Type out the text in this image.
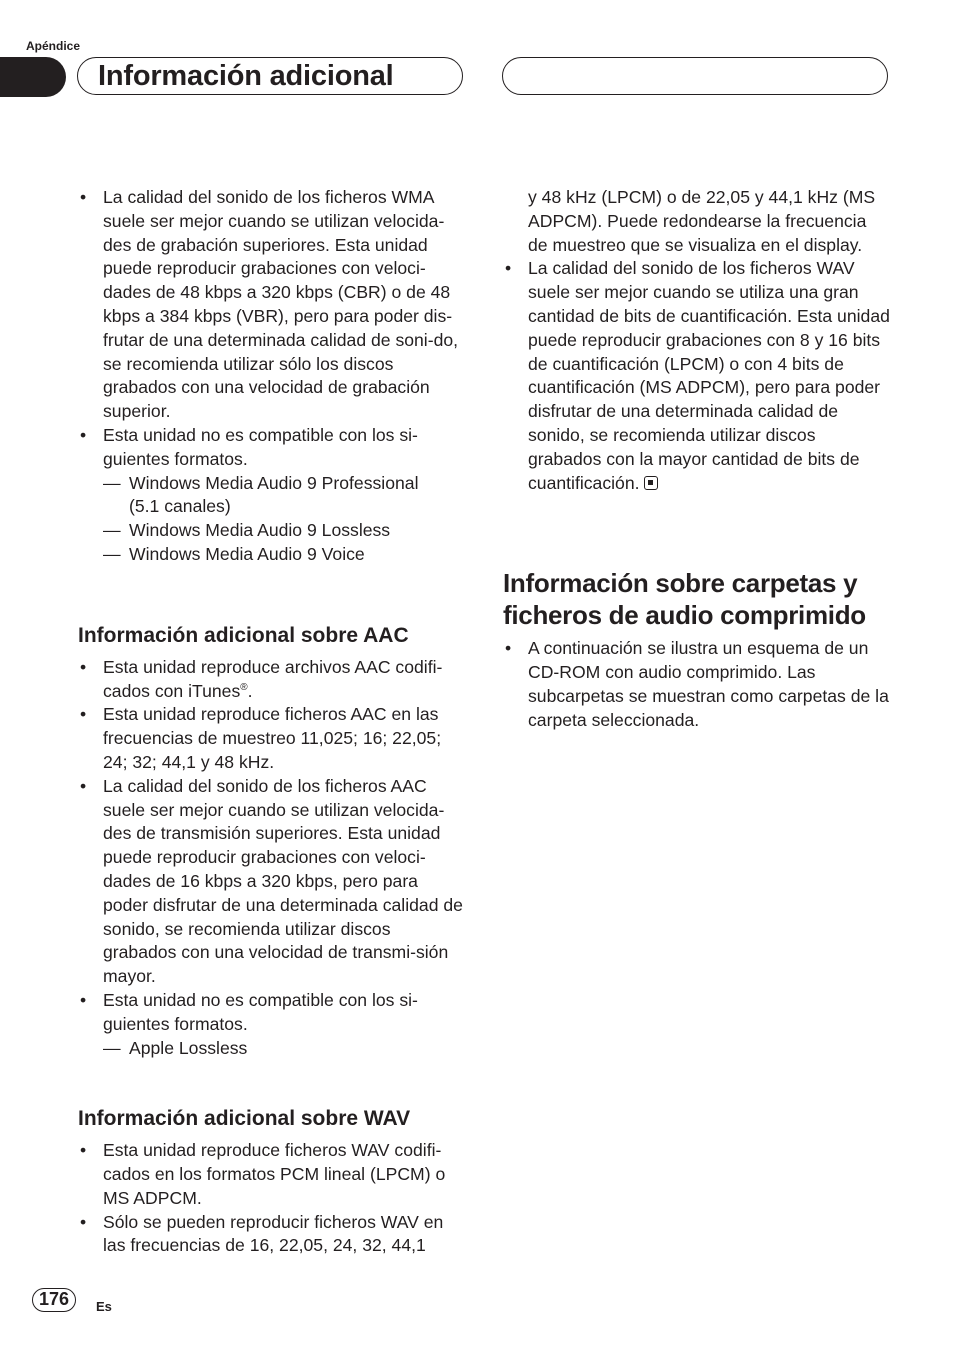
Apéndice
Información adicional
• La calidad del sonido de los ficheros WMA suele ser mejor cuando se utilizan velocida-des de grabación superiores. Esta unidad puede reproducir grabaciones con veloci-dades de 48 kbps a 320 kbps (CBR) o de 48 kbps a 384 kbps (VBR), pero para poder dis-frutar de una determinada calidad de soni-do, se recomienda utilizar sólo los discos grabados con una velocidad de grabación superior.
• Esta unidad no es compatible con los si-guientes formatos.
— Windows Media Audio 9 Professional
(5.1 canales)
— Windows Media Audio 9 Lossless
— Windows Media Audio 9 Voice
Información adicional sobre AAC
• Esta unidad reproduce archivos AAC codifi-cados con iTunes®.
• Esta unidad reproduce ficheros AAC en las frecuencias de muestreo 11,025; 16; 22,05; 24; 32; 44,1 y 48 kHz.
• La calidad del sonido de los ficheros AAC suele ser mejor cuando se utilizan velocida-des de transmisión superiores. Esta unidad puede reproducir grabaciones con veloci-dades de 16 kbps a 320 kbps, pero para poder disfrutar de una determinada calidad de sonido, se recomienda utilizar discos grabados con una velocidad de transmi-sión mayor.
• Esta unidad no es compatible con los si-guientes formatos.
— Apple Lossless
Información adicional sobre WAV
• Esta unidad reproduce ficheros WAV codifi-cados en los formatos PCM lineal (LPCM) o MS ADPCM.
• Sólo se pueden reproducir ficheros WAV en las frecuencias de 16, 22,05, 24, 32, 44,1
y 48 kHz (LPCM) o de 22,05 y 44,1 kHz (MS ADPCM). Puede redondearse la frecuencia de muestreo que se visualiza en el display.
• La calidad del sonido de los ficheros WAV suele ser mejor cuando se utiliza una gran cantidad de bits de cuantificación. Esta unidad puede reproducir grabaciones con 8 y 16 bits de cuantificación (LPCM) o con 4 bits de cuantificación (MS ADPCM), pero para poder disfrutar de una determinada calidad de sonido, se recomienda utilizar discos grabados con la mayor cantidad de bits de cuantificación.
Información sobre carpetas y ficheros de audio comprimido
• A continuación se ilustra un esquema de un CD-ROM con audio comprimido. Las subcarpetas se muestran como carpetas de la carpeta seleccionada.
176	Es
